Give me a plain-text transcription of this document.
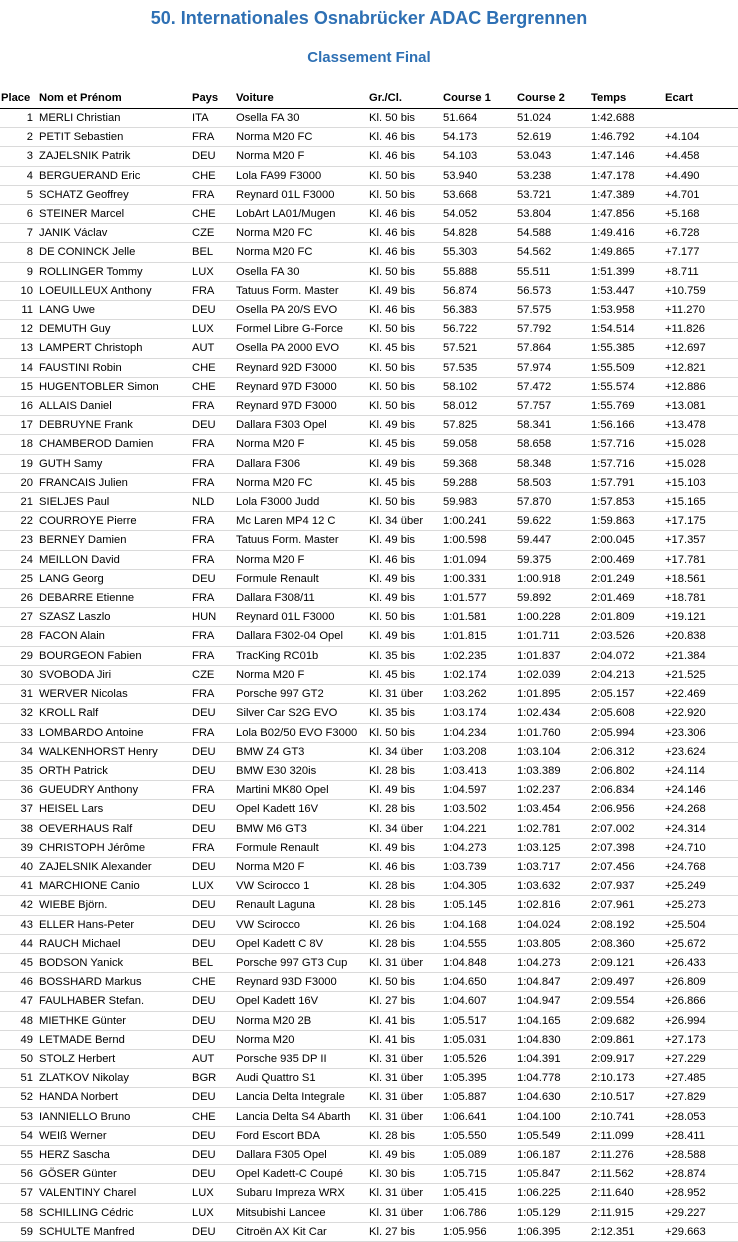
50. Internationales Osnabrücker ADAC Bergrennen
Classement Final
Place	Nom et Prénom	Pays	Voiture	Gr./Cl.	Course 1	Course 2	Temps	Ecart
1	MERLI Christian	ITA	Osella FA 30	Kl. 50 bis	51.664	51.024	1:42.688	
2	PETIT Sebastien	FRA	Norma M20 FC	Kl. 46 bis	54.173	52.619	1:46.792	+4.104
3	ZAJELSNIK Patrik	DEU	Norma M20 F	Kl. 46 bis	54.103	53.043	1:47.146	+4.458
4	BERGUERAND Eric	CHE	Lola FA99 F3000	Kl. 50 bis	53.940	53.238	1:47.178	+4.490
5	SCHATZ Geoffrey	FRA	Reynard 01L F3000	Kl. 50 bis	53.668	53.721	1:47.389	+4.701
6	STEINER Marcel	CHE	LobArt LA01/Mugen	Kl. 46 bis	54.052	53.804	1:47.856	+5.168
7	JANIK Václav	CZE	Norma M20 FC	Kl. 46 bis	54.828	54.588	1:49.416	+6.728
8	DE CONINCK Jelle	BEL	Norma M20 FC	Kl. 46 bis	55.303	54.562	1:49.865	+7.177
9	ROLLINGER Tommy	LUX	Osella FA 30	Kl. 50 bis	55.888	55.511	1:51.399	+8.711
10	LOEUILLEUX Anthony	FRA	Tatuus Form. Master	Kl. 49 bis	56.874	56.573	1:53.447	+10.759
11	LANG Uwe	DEU	Osella PA 20/S EVO	Kl. 46 bis	56.383	57.575	1:53.958	+11.270
12	DEMUTH Guy	LUX	Formel Libre G-Force	Kl. 50 bis	56.722	57.792	1:54.514	+11.826
13	LAMPERT Christoph	AUT	Osella PA 2000 EVO	Kl. 45 bis	57.521	57.864	1:55.385	+12.697
14	FAUSTINI Robin	CHE	Reynard 92D F3000	Kl. 50 bis	57.535	57.974	1:55.509	+12.821
15	HUGENTOBLER Simon	CHE	Reynard 97D F3000	Kl. 50 bis	58.102	57.472	1:55.574	+12.886
16	ALLAIS Daniel	FRA	Reynard 97D F3000	Kl. 50 bis	58.012	57.757	1:55.769	+13.081
17	DEBRUYNE Frank	DEU	Dallara F303 Opel	Kl. 49 bis	57.825	58.341	1:56.166	+13.478
18	CHAMBEROD Damien	FRA	Norma M20 F	Kl. 45 bis	59.058	58.658	1:57.716	+15.028
19	GUTH Samy	FRA	Dallara F306	Kl. 49 bis	59.368	58.348	1:57.716	+15.028
20	FRANCAIS Julien	FRA	Norma M20 FC	Kl. 45 bis	59.288	58.503	1:57.791	+15.103
21	SIELJES Paul	NLD	Lola F3000 Judd	Kl. 50 bis	59.983	57.870	1:57.853	+15.165
22	COURROYE Pierre	FRA	Mc Laren MP4 12 C	Kl. 34 über	1:00.241	59.622	1:59.863	+17.175
23	BERNEY Damien	FRA	Tatuus Form. Master	Kl. 49 bis	1:00.598	59.447	2:00.045	+17.357
24	MEILLON David	FRA	Norma M20 F	Kl. 46 bis	1:01.094	59.375	2:00.469	+17.781
25	LANG Georg	DEU	Formule Renault	Kl. 49 bis	1:00.331	1:00.918	2:01.249	+18.561
26	DEBARRE Etienne	FRA	Dallara F308/11	Kl. 49 bis	1:01.577	59.892	2:01.469	+18.781
27	SZASZ Laszlo	HUN	Reynard 01L F3000	Kl. 50 bis	1:01.581	1:00.228	2:01.809	+19.121
28	FACON Alain	FRA	Dallara F302-04 Opel	Kl. 49 bis	1:01.815	1:01.711	2:03.526	+20.838
29	BOURGEON Fabien	FRA	TracKing RC01b	Kl. 35 bis	1:02.235	1:01.837	2:04.072	+21.384
30	SVOBODA Jiri	CZE	Norma M20 F	Kl. 45 bis	1:02.174	1:02.039	2:04.213	+21.525
31	WERVER Nicolas	FRA	Porsche 997 GT2	Kl. 31 über	1:03.262	1:01.895	2:05.157	+22.469
32	KROLL Ralf	DEU	Silver Car S2G EVO	Kl. 35 bis	1:03.174	1:02.434	2:05.608	+22.920
33	LOMBARDO Antoine	FRA	Lola B02/50 EVO F3000	Kl. 50 bis	1:04.234	1:01.760	2:05.994	+23.306
34	WALKENHORST Henry	DEU	BMW Z4 GT3	Kl. 34 über	1:03.208	1:03.104	2:06.312	+23.624
35	ORTH Patrick	DEU	BMW E30 320is	Kl. 28 bis	1:03.413	1:03.389	2:06.802	+24.114
36	GUEUDRY Anthony	FRA	Martini MK80 Opel	Kl. 49 bis	1:04.597	1:02.237	2:06.834	+24.146
37	HEISEL Lars	DEU	Opel Kadett 16V	Kl. 28 bis	1:03.502	1:03.454	2:06.956	+24.268
38	OEVERHAUS Ralf	DEU	BMW M6 GT3	Kl. 34 über	1:04.221	1:02.781	2:07.002	+24.314
39	CHRISTOPH Jérôme	FRA	Formule Renault	Kl. 49 bis	1:04.273	1:03.125	2:07.398	+24.710
40	ZAJELSNIK Alexander	DEU	Norma M20 F	Kl. 46 bis	1:03.739	1:03.717	2:07.456	+24.768
41	MARCHIONE Canio	LUX	VW Scirocco 1	Kl. 28 bis	1:04.305	1:03.632	2:07.937	+25.249
42	WIEBE Björn.	DEU	Renault Laguna	Kl. 28 bis	1:05.145	1:02.816	2:07.961	+25.273
43	ELLER Hans-Peter	DEU	VW Scirocco	Kl. 26 bis	1:04.168	1:04.024	2:08.192	+25.504
44	RAUCH Michael	DEU	Opel Kadett C 8V	Kl. 28 bis	1:04.555	1:03.805	2:08.360	+25.672
45	BODSON Yanick	BEL	Porsche 997 GT3 Cup	Kl. 31 über	1:04.848	1:04.273	2:09.121	+26.433
46	BOSSHARD Markus	CHE	Reynard 93D F3000	Kl. 50 bis	1:04.650	1:04.847	2:09.497	+26.809
47	FAULHABER Stefan.	DEU	Opel Kadett 16V	Kl. 27 bis	1:04.607	1:04.947	2:09.554	+26.866
48	MIETHKE Günter	DEU	Norma M20 2B	Kl. 41 bis	1:05.517	1:04.165	2:09.682	+26.994
49	LETMADE Bernd	DEU	Norma M20	Kl. 41 bis	1:05.031	1:04.830	2:09.861	+27.173
50	STOLZ Herbert	AUT	Porsche 935 DP II	Kl. 31 über	1:05.526	1:04.391	2:09.917	+27.229
51	ZLATKOV Nikolay	BGR	Audi Quattro S1	Kl. 31 über	1:05.395	1:04.778	2:10.173	+27.485
52	HANDA Norbert	DEU	Lancia Delta Integrale	Kl. 31 über	1:05.887	1:04.630	2:10.517	+27.829
53	IANNIELLO Bruno	CHE	Lancia Delta S4 Abarth	Kl. 31 über	1:06.641	1:04.100	2:10.741	+28.053
54	WEIß Werner	DEU	Ford Escort BDA	Kl. 28 bis	1:05.550	1:05.549	2:11.099	+28.411
55	HERZ Sascha	DEU	Dallara F305 Opel	Kl. 49 bis	1:05.089	1:06.187	2:11.276	+28.588
56	GÖSER Günter	DEU	Opel Kadett-C Coupé	Kl. 30 bis	1:05.715	1:05.847	2:11.562	+28.874
57	VALENTINY Charel	LUX	Subaru Impreza WRX	Kl. 31 über	1:05.415	1:06.225	2:11.640	+28.952
58	SCHILLING Cédric	LUX	Mitsubishi Lancee	Kl. 31 über	1:06.786	1:05.129	2:11.915	+29.227
59	SCHULTE Manfred	DEU	Citroën AX Kit Car	Kl. 27 bis	1:05.956	1:06.395	2:12.351	+29.663
